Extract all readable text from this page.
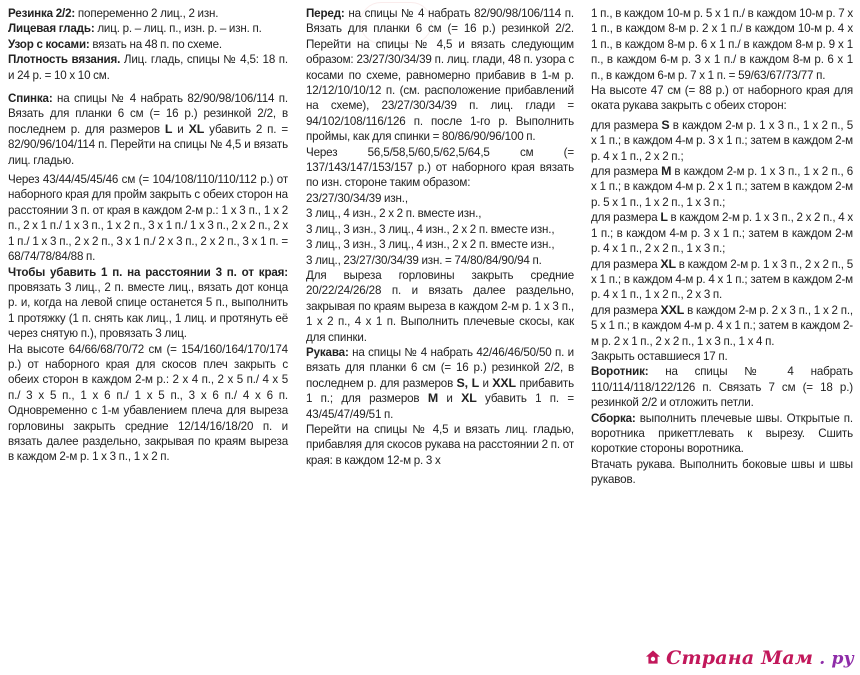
Резинка 2/2: попеременно 2 лиц., 2 изн.

Лицевая гладь: лиц. р. – лиц. п., изн. р. – изн. п.

Узор с косами: вязать на 48 п. по схеме.

Плотность вязания. Лиц. гладь, спицы № 4,5: 18 п. и 24 р. = 10 х 10 см.

Спинка: на спицы № 4 набрать 82/90/98/106/114 п. Вязать для планки 6 см (= 16 р.) резинкой 2/2, в последнем р. для размеров L и XL убавить 2 п. = 82/90/96/104/114 п. Перейти на спицы № 4,5 и вязать лиц. гладью.

Через 43/44/45/45/46 см (= 104/108/110/110/112 р.) от наборного края для пройм закрыть с обеих сторон на расстоянии 3 п. от края в каждом 2-м р.: 1 х 3 п., 1 х 2 п., 2 х 1 п./ 1 х 3 п., 1 х 2 п., 3 х 1 п./ 1 х 3 п., 2 х 2 п., 2 х 1 п./ 1 х 3 п., 2 х 2 п., 3 х 1 п./ 2 х 3 п., 2 х 2 п., 3 х 1 п. = 68/74/78/84/88 п.

Чтобы убавить 1 п. на расстоянии 3 п. от края: провязать 3 лиц., 2 п. вместе лиц., вязать дот конца р. и, когда на левой спице останется 5 п., выполнить 1 протяжку (1 п. снять как лиц., 1 лиц. и протянуть её через снятую п.), провязать 3 лиц.

На высоте 64/66/68/70/72 см (= 154/160/164/170/174 р.) от наборного края для скосов плеч закрыть с обеих сторон в каждом 2-м р.: 2 х 4 п., 2 х 5 п./ 4 х 5 п./ 3 х 5 п., 1 х 6 п./ 1 х 5 п., 3 х 6 п./ 4 х 6 п. Одновременно с 1-м убавлением плеча для выреза горловины закрыть средние 12/14/16/18/20 п. и вязать далее раздельно, закрывая по краям выреза в каждом 2-м р. 1 х 3 п., 1 х 2 п.

Перед: на спицы № 4 набрать 82/90/98/106/114 п. Вязать для планки 6 см (= 16 р.) резинкой 2/2. Перейти на спицы № 4,5 и вязать следующим образом: 23/27/30/34/39 п. лиц. глади, 48 п. узора с косами по схеме, равномерно прибавив в 1-м р. 12/12/10/10/12 п. (см. расположение прибавлений на схеме), 23/27/30/34/39 п. лиц. глади = 94/102/108/116/126 п. после 1-го р. Выполнить проймы, как для спинки = 80/86/90/96/100 п.

Через 56,5/58,5/60,5/62,5/64,5 см (= 137/143/147/153/157 р.) от наборного края вязать по изн. стороне таким образом:

23/27/30/34/39 изн.,

3 лиц., 4 изн., 2 х 2 п. вместе изн.,

3 лиц., 3 изн., 3 лиц., 4 изн., 2 х 2 п. вместе изн.,

3 лиц., 3 изн., 3 лиц., 4 изн., 2 х 2 п. вместе изн.,

3 лиц., 23/27/30/34/39 изн. = 74/80/84/90/94 п.

Для выреза горловины закрыть средние 20/22/24/26/28 п. и вязать далее раздельно, закрывая по краям выреза в каждом 2-м р. 1 х 3 п., 1 х 2 п., 4 х 1 п. Выполнить плечевые скосы, как для спинки.

Рукава: на спицы № 4 набрать 42/46/46/50/50 п. и вязать для планки 6 см (= 16 р.) резинкой 2/2, в последнем р. для размеров S, L и XXL прибавить 1 п.; для размеров M и XL убавить 1 п. = 43/45/47/49/51 п.

Перейти на спицы № 4,5 и вязать лиц. гладью, прибавляя для скосов рукава на расстоянии 2 п. от края: в каждом 12-м р. 3 х

1 п., в каждом 10-м р. 5 х 1 п./ в каждом 10-м р. 7 х 1 п., в каждом 8-м р. 2 х 1 п./ в каждом 10-м р. 4 х 1 п., в каждом 8-м р. 6 х 1 п./ в каждом 8-м р. 9 х 1 п., в каждом 6-м р. 3 х 1 п./ в каждом 8-м р. 6 х 1 п., в каждом 6-м р. 7 х 1 п. = 59/63/67/73/77 п.

На высоте 47 см (= 88 р.) от наборного края для оката рукава закрыть с обеих сторон:

для размера S в каждом 2-м р. 1 х 3 п., 1 х 2 п., 5 х 1 п.; в каждом 4-м р. 3 х 1 п.; затем в каждом 2-м р. 4 х 1 п., 2 х 2 п.;

для размера M в каждом 2-м р. 1 х 3 п., 1 х 2 п., 6 х 1 п.; в каждом 4-м р. 2 х 1 п.; затем в каждом 2-м р. 5 х 1 п., 1 х 2 п., 1 х 3 п.;

для размера L в каждом 2-м р. 1 х 3 п., 2 х 2 п., 4 х 1 п.; в каждом 4-м р. 3 х 1 п.; затем в каждом 2-м р. 4 х 1 п., 2 х 2 п., 1 х 3 п.;

для размера XL в каждом 2-м р. 1 х 3 п., 2 х 2 п., 5 х 1 п.; в каждом 4-м р. 4 х 1 п.; затем в каждом 2-м р. 4 х 1 п., 1 х 2 п., 2 х 3 п.

для размера XXL в каждом 2-м р. 2 х 3 п., 1 х 2 п., 5 х 1 п.; в каждом 4-м р. 4 х 1 п.; затем в каждом 2-м р. 2 х 1 п., 2 х 2 п., 1 х 3 п., 1 х 4 п.

Закрыть оставшиеся 17 п.

Воротник: на спицы № 4 набрать 110/114/118/122/126 п. Связать 7 см (= 18 р.) резинкой 2/2 и отложить петли.

Сборка: выполнить плечевые швы. Открытые п. воротника прикеттлевать к вырезу. Сшить короткие стороны воротника.

Втачать рукава. Выполнить боковые швы и швы рукавов.

Страна Мам . ру
